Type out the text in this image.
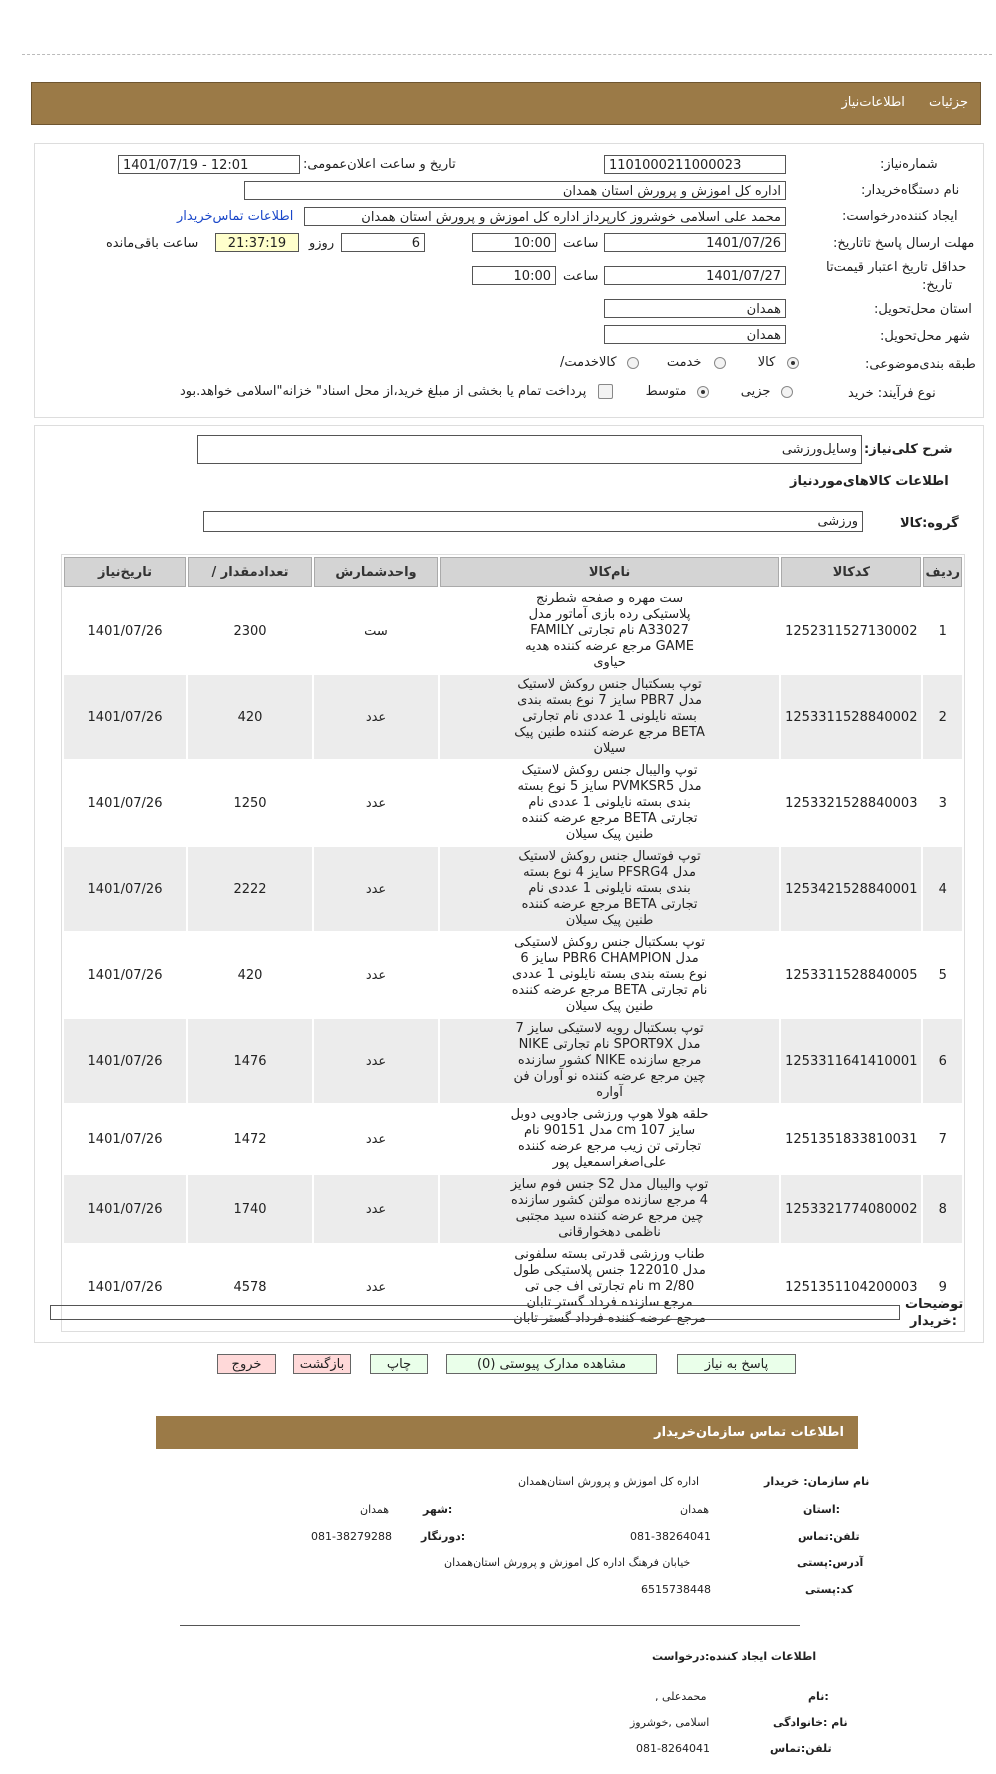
جزئیات اطلاعات‌نیاز
شماره‌نیاز:
1101000211000023
تاریخ و ساعت اعلان‌عمومی:
1401/07/19 - 12:01
نام دستگاه‌خریدار:
اداره کل اموزش و پرورش استان همدان
ایجاد کننده‌درخواست:
محمد علی اسلامی خوشروز کارپرداز اداره کل اموزش و پرورش استان همدان
اطلاعات تماس‌خریدار
مهلت ارسال پاسخ تا‌تاریخ:
1401/07/26
ساعت
10:00
6
روزو
21:37:19
ساعت باقی‌مانده
حداقل تاریخ اعتبار قیمت‌تا
تاریخ:
1401/07/27
ساعت
10:00
استان محل‌تحویل:
همدان
شهر محل‌تحویل:
همدان
طبقه بندی‌موضوعی:
کالا  خدمت  کالا‌خدمت/
نوع فرآیند: خرید
جزیی  متوسط  پرداخت تمام یا بخشی از مبلغ خرید،از محل اسناد" خزانه"اسلامی خواهد.بود
شرح کلی‌نیاز:
وسایل‌ورزشی
اطلاعات کالاهای‌موردنیاز
گروه:کالا
ورزشی
ردیف	کدکالا	نام‌کالا	واحدشمارش	تعدادمقدار /	تاریخ‌نیاز
1	1252311527130002	ست مهره و صفحه شطرنج پلاستیکی رده بازی آماتور مدل A33027 نام تجارتی FAMILY GAME مرجع عرضه کننده هدیه حیاوی	ست	2300	1401/07/26
2	1253311528840002	توپ بسکتبال جنس روکش لاستیک مدل PBR7 سایز 7 نوع بسته بندی بسته نایلونی 1 عددی نام تجارتی BETA مرجع عرضه کننده طنین پیک سیلان	عدد	420	1401/07/26
3	1253321528840003	توپ والیبال جنس روکش لاستیک مدل PVMKSR5 سایز 5 نوع بسته بندی بسته نایلونی 1 عددی نام تجارتی BETA مرجع عرضه کننده طنین پیک سیلان	عدد	1250	1401/07/26
4	1253421528840001	توپ فوتسال جنس روکش لاستیک مدل PFSRG4 سایز 4 نوع بسته بندی بسته نایلونی 1 عددی نام تجارتی BETA مرجع عرضه کننده طنین پیک سیلان	عدد	2222	1401/07/26
5	1253311528840005	توپ بسکتبال جنس روکش لاستیکی مدل PBR6 CHAMPION سایز 6 نوع بسته بندی بسته نایلونی 1 عددی نام تجارتی BETA مرجع عرضه کننده طنین پیک سیلان	عدد	420	1401/07/26
6	1253311641410001	توپ بسکتبال رویه لاستیکی سایز 7 مدل SPORT9X نام تجارتی NIKE مرجع سازنده NIKE کشور سازنده چین مرجع عرضه کننده نو آوران فن آواره	عدد	1476	1401/07/26
7	1251351833810031	حلقه هولا هوپ ورزشی جادویی دوبل سایز 107 cm مدل 90151 نام تجارتی تن زیب مرجع عرضه کننده علی‌اصغراسمعیل پور	عدد	1472	1401/07/26
8	1253321774080002	توپ والیبال مدل S2 جنس فوم سایز 4 مرجع سازنده مولتن کشور سازنده چین مرجع عرضه کننده سید مجتبی ناظمی دهخوارقانی	عدد	1740	1401/07/26
9	1251351104200003	طناب ورزشی قدرتی بسته سلفونی مدل 122010 جنس پلاستیکی طول 2/80 m نام تجارتی اف جی تی مرجع سازنده فرداد گستر تابان مرجع عرضه کننده فرداد گستر تابان	عدد	4578	1401/07/26
توضیحات
:خریدار
پاسخ به نیاز
مشاهده مدارک پیوستی (0)
چاپ
بازگشت
خروج
اطلاعات تماس سازمان‌خریدار
نام سازمان: خریدار
اداره کل اموزش و پرورش استان‌همدان
:استان
همدان
:شهر
همدان
تلفن:تماس
081-38264041
:دورنگار
081-38279288
آدرس:پستی
خیابان فرهنگ اداره کل اموزش و پرورش استان‌همدان
کد:پستی
6515738448
اطلاعات ایجاد کننده:درخواست
:نام
محمدعلی ,
نام :خانوادگی
اسلامی ,خوشروز
تلفن:تماس
081-8264041
